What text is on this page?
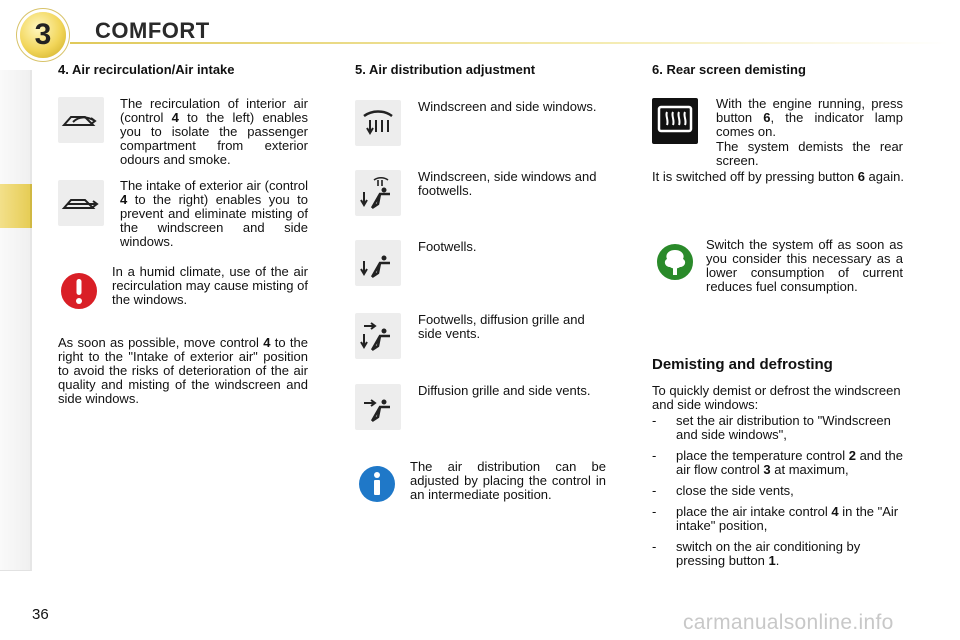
3 COMFORT
4. Air recirculation/Air intake
The recirculation of interior air (control 4 to the left) enables you to isolate the passenger compartment from exterior odours and smoke.
The intake of exterior air (control 4 to the right) enables you to prevent and eliminate misting of the windscreen and side windows.
In a humid climate, use of the air recirculation may cause misting of the windows.
As soon as possible, move control 4 to the right to the "Intake of exterior air" position to avoid the risks of deterioration of the air quality and misting of the windscreen and side windows.
5. Air distribution adjustment
Windscreen and side windows.
Windscreen, side windows and footwells.
Footwells.
Footwells, diffusion grille and side vents.
Diffusion grille and side vents.
The air distribution can be adjusted by placing the control in an intermediate position.
6. Rear screen demisting
With the engine running, press button 6, the indicator lamp comes on.
The system demists the rear screen.
It is switched off by pressing button 6 again.
Switch the system off as soon as you consider this necessary as a lower consumption of current reduces fuel consumption.
Demisting and defrosting
To quickly demist or defrost the windscreen and side windows:
- set the air distribution to "Windscreen and side windows",
- place the temperature control 2 and the air flow control 3 at maximum,
- close the side vents,
- place the air intake control 4 in the "Air intake" position,
- switch on the air conditioning by pressing button 1.
36	carmanualsonline.info
